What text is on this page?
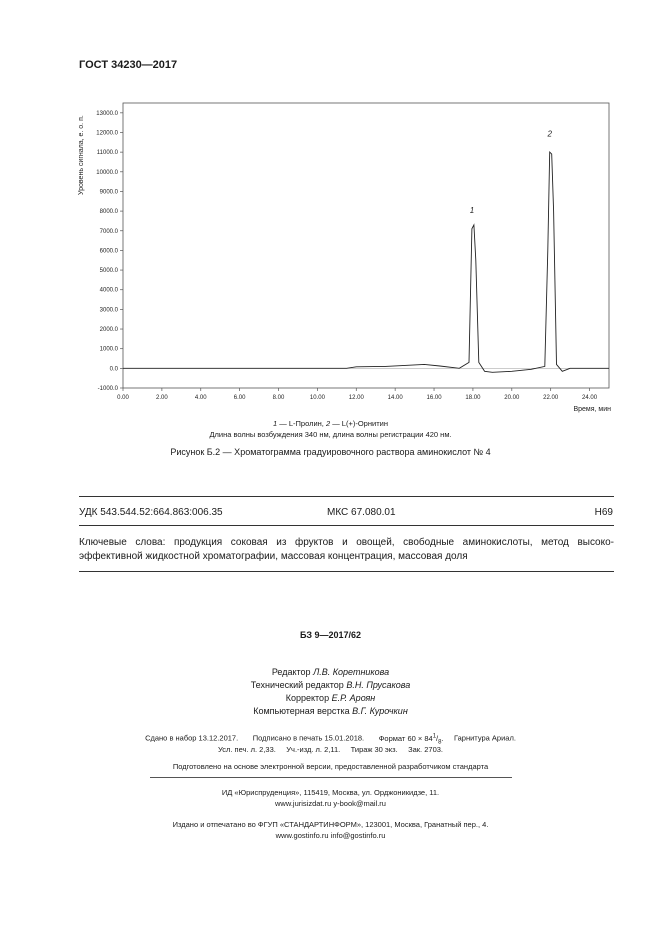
ГОСТ 34230—2017
-1000.0
0.0
1000.0
2000.0
3000.0
4000.0
5000.0
6000.0
7000.0
8000.0
9000.0
10000.0
11000.0
12000.0
13000.0
0.00	2.00	4.00	6.00	8.00	10.00	12.00	14.00	16.00	18.00	20.00	22.00	24.00
1
2
Уровень сигнала, е. о. п.
Время, мин
1 — L-Пролин, 2 — L(+)-Орнитин
Длина волны возбуждения 340 нм, длина волны регистрации 420 нм.
Рисунок Б.2 — Хроматограмма градуировочного раствора аминокислот № 4
УДК 543.544.52:664.863:006.35	МКС 67.080.01	Н69
Ключевые слова: продукция соковая из фруктов и овощей, свободные аминокислоты, метод высоко-эффективной жидкостной хроматографии, массовая концентрация, массовая доля
БЗ 9—2017/62
Редактор Л.В. Коретникова
Технический редактор В.Н. Прусакова
Корректор Е.Р. Ароян
Компьютерная верстка В.Г. Курочкин
Сдано в набор 13.12.2017. Подписано в печать 15.01.2018. Формат $60 \times 84^1/_8$. Гарнитура Ариал.
Усл. печ. л. 2,33. Уч.-изд. л. 2,11. Тираж 30 экз. Зак. 2703.
Подготовлено на основе электронной версии, предоставленной разработчиком стандарта
ИД «Юриспруденция», 115419, Москва, ул. Орджоникидзе, 11.
www.jurisizdat.ru y-book@mail.ru
Издано и отпечатано во ФГУП «СТАНДАРТИНФОРМ», 123001, Москва, Гранатный пер., 4.
www.gostinfo.ru info@gostinfo.ru
